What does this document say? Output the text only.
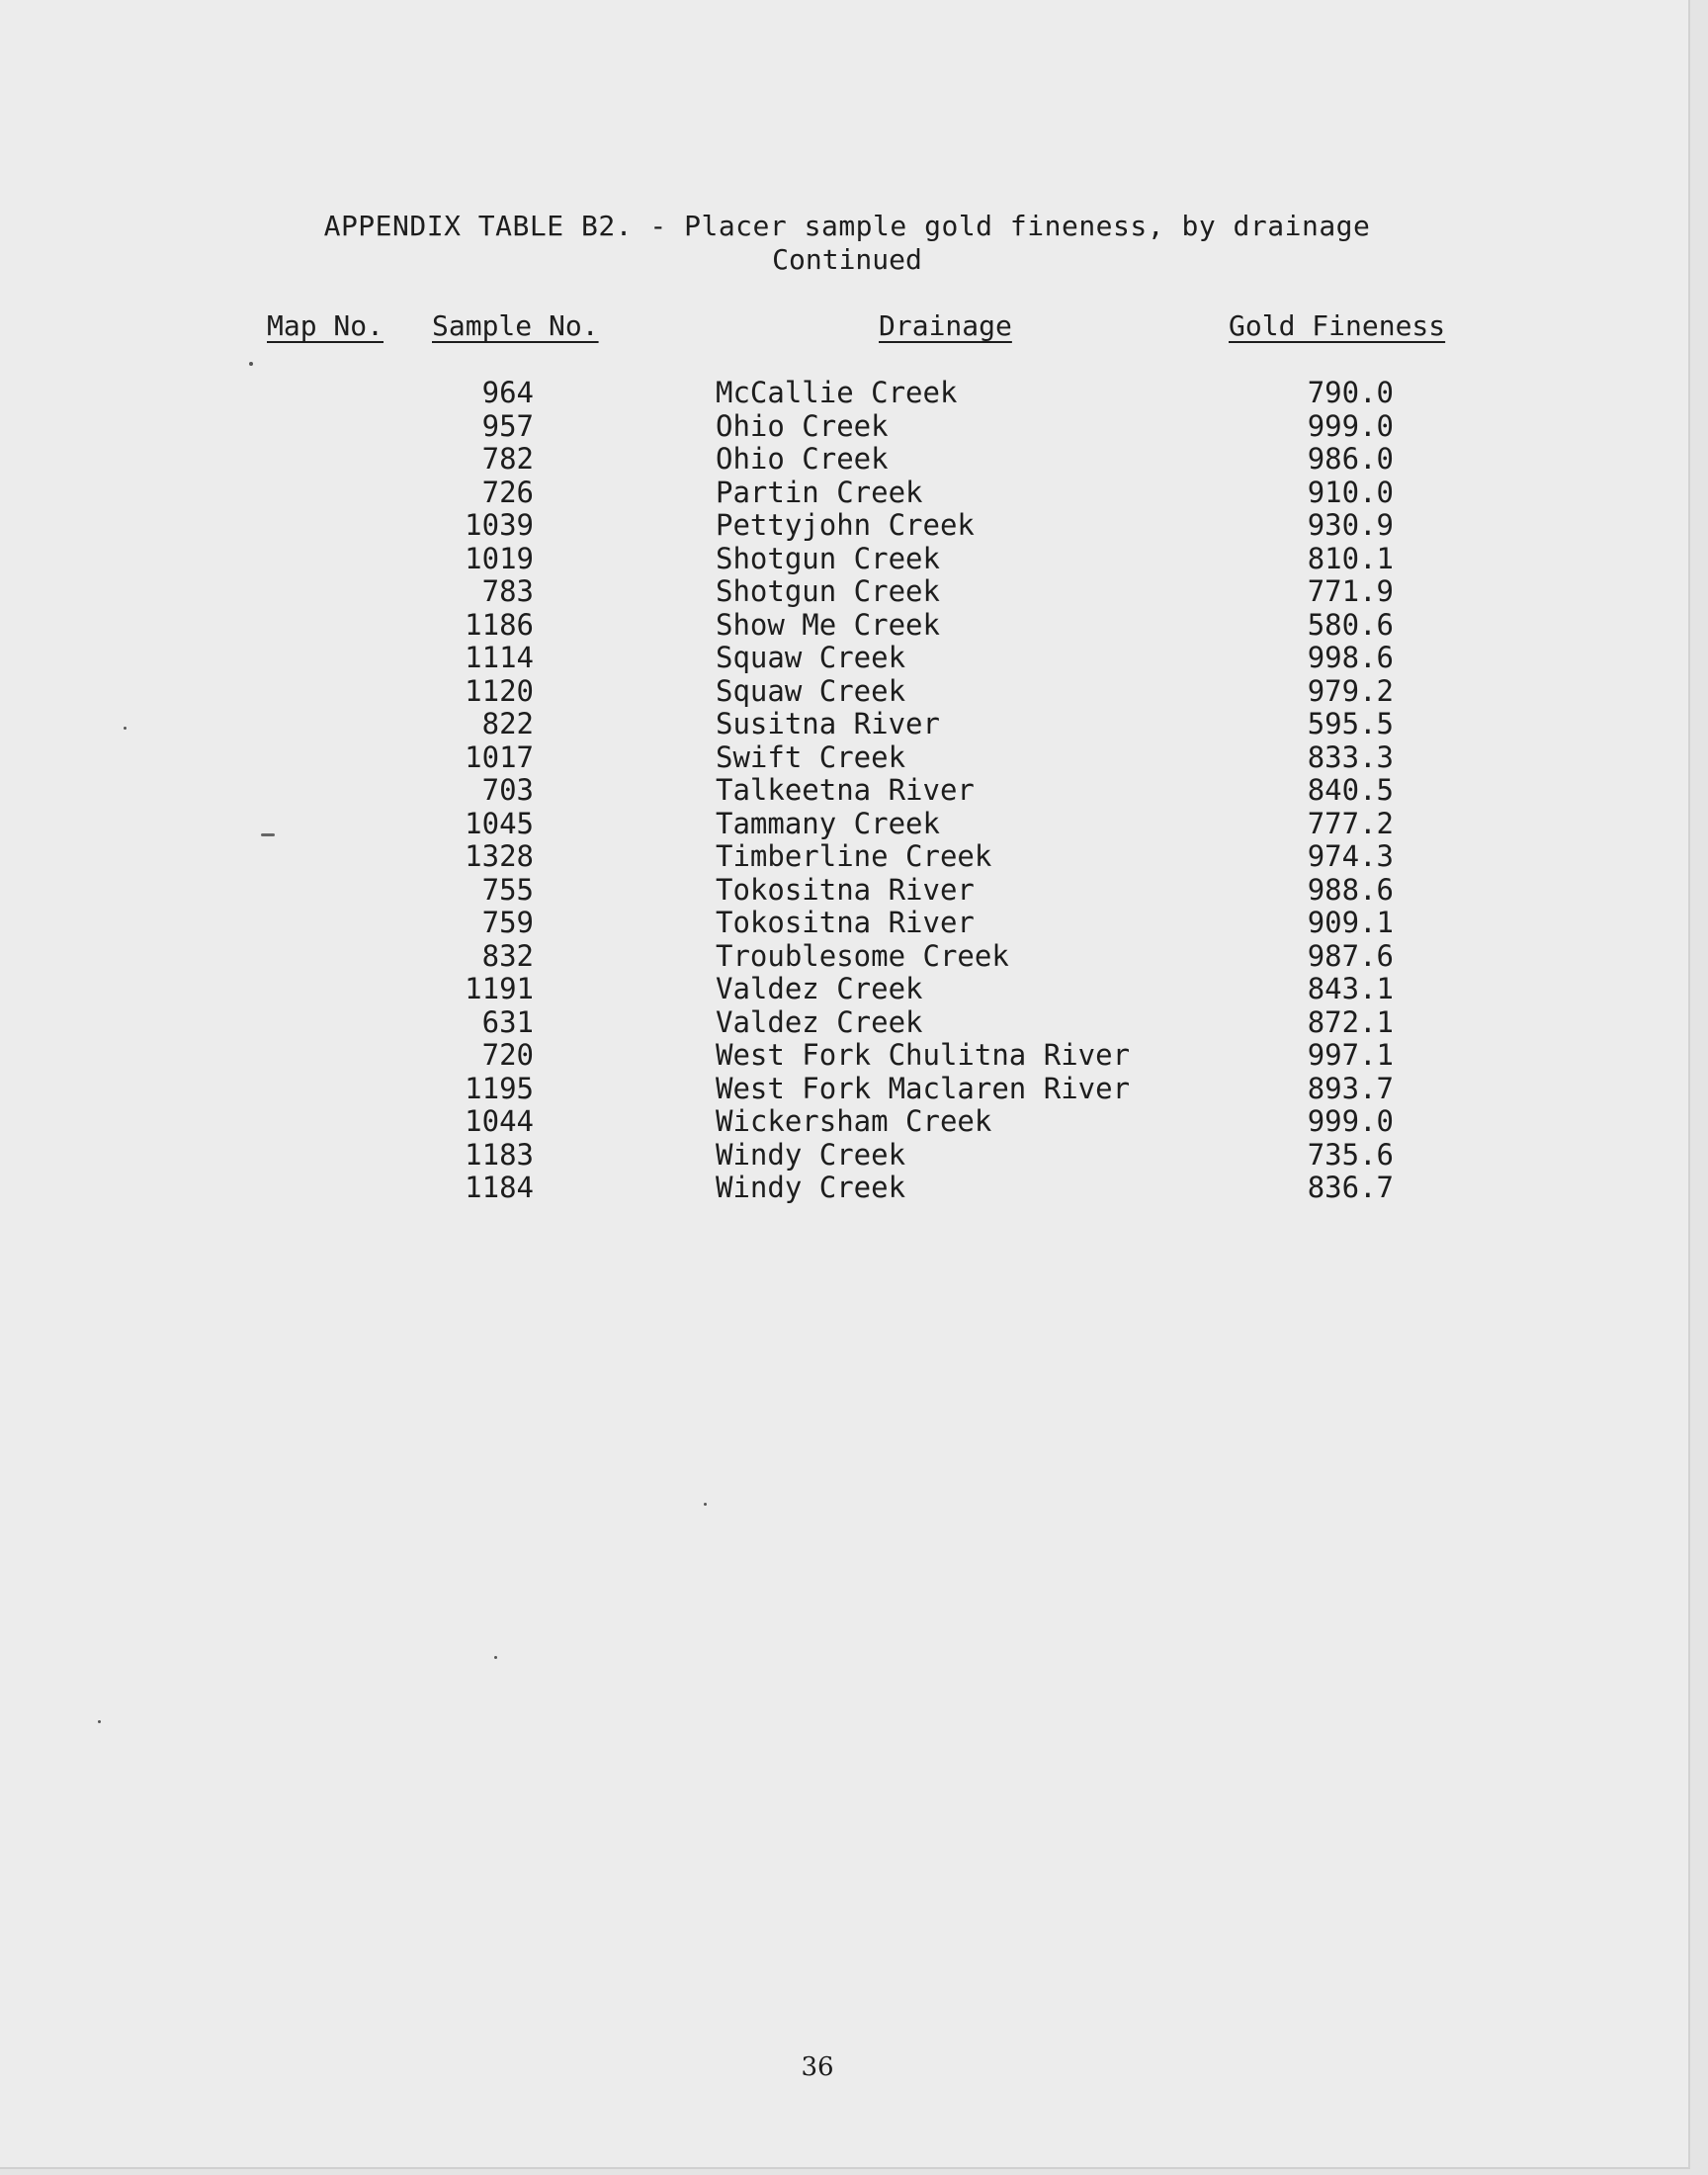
APPENDIX TABLE B2. - Placer sample gold fineness, by drainage
Continued
Map No. Sample No.	Drainage	Gold Fineness
964	McCallie Creek	790.0
957	Ohio Creek	999.0
782	Ohio Creek	986.0
726	Partin Creek	910.0
1039	Pettyjohn Creek	930.9
1019	Shotgun Creek	810.1
783	Shotgun Creek	771.9
1186	Show Me Creek	580.6
1114	Squaw Creek	998.6
1120	Squaw Creek	979.2
822	Susitna River	595.5
1017	Swift Creek	833.3
703	Talkeetna River	840.5
1045	Tammany Creek	777.2
1328	Timberline Creek	974.3
755	Tokositna River	988.6
759	Tokositna River	909.1
832	Troublesome Creek	987.6
1191	Valdez Creek	843.1
631	Valdez Creek	872.1
720	West Fork Chulitna River	997.1
1195	West Fork Maclaren River	893.7
1044	Wickersham Creek	999.0
1183	Windy Creek	735.6
1184	Windy Creek	836.7
36
